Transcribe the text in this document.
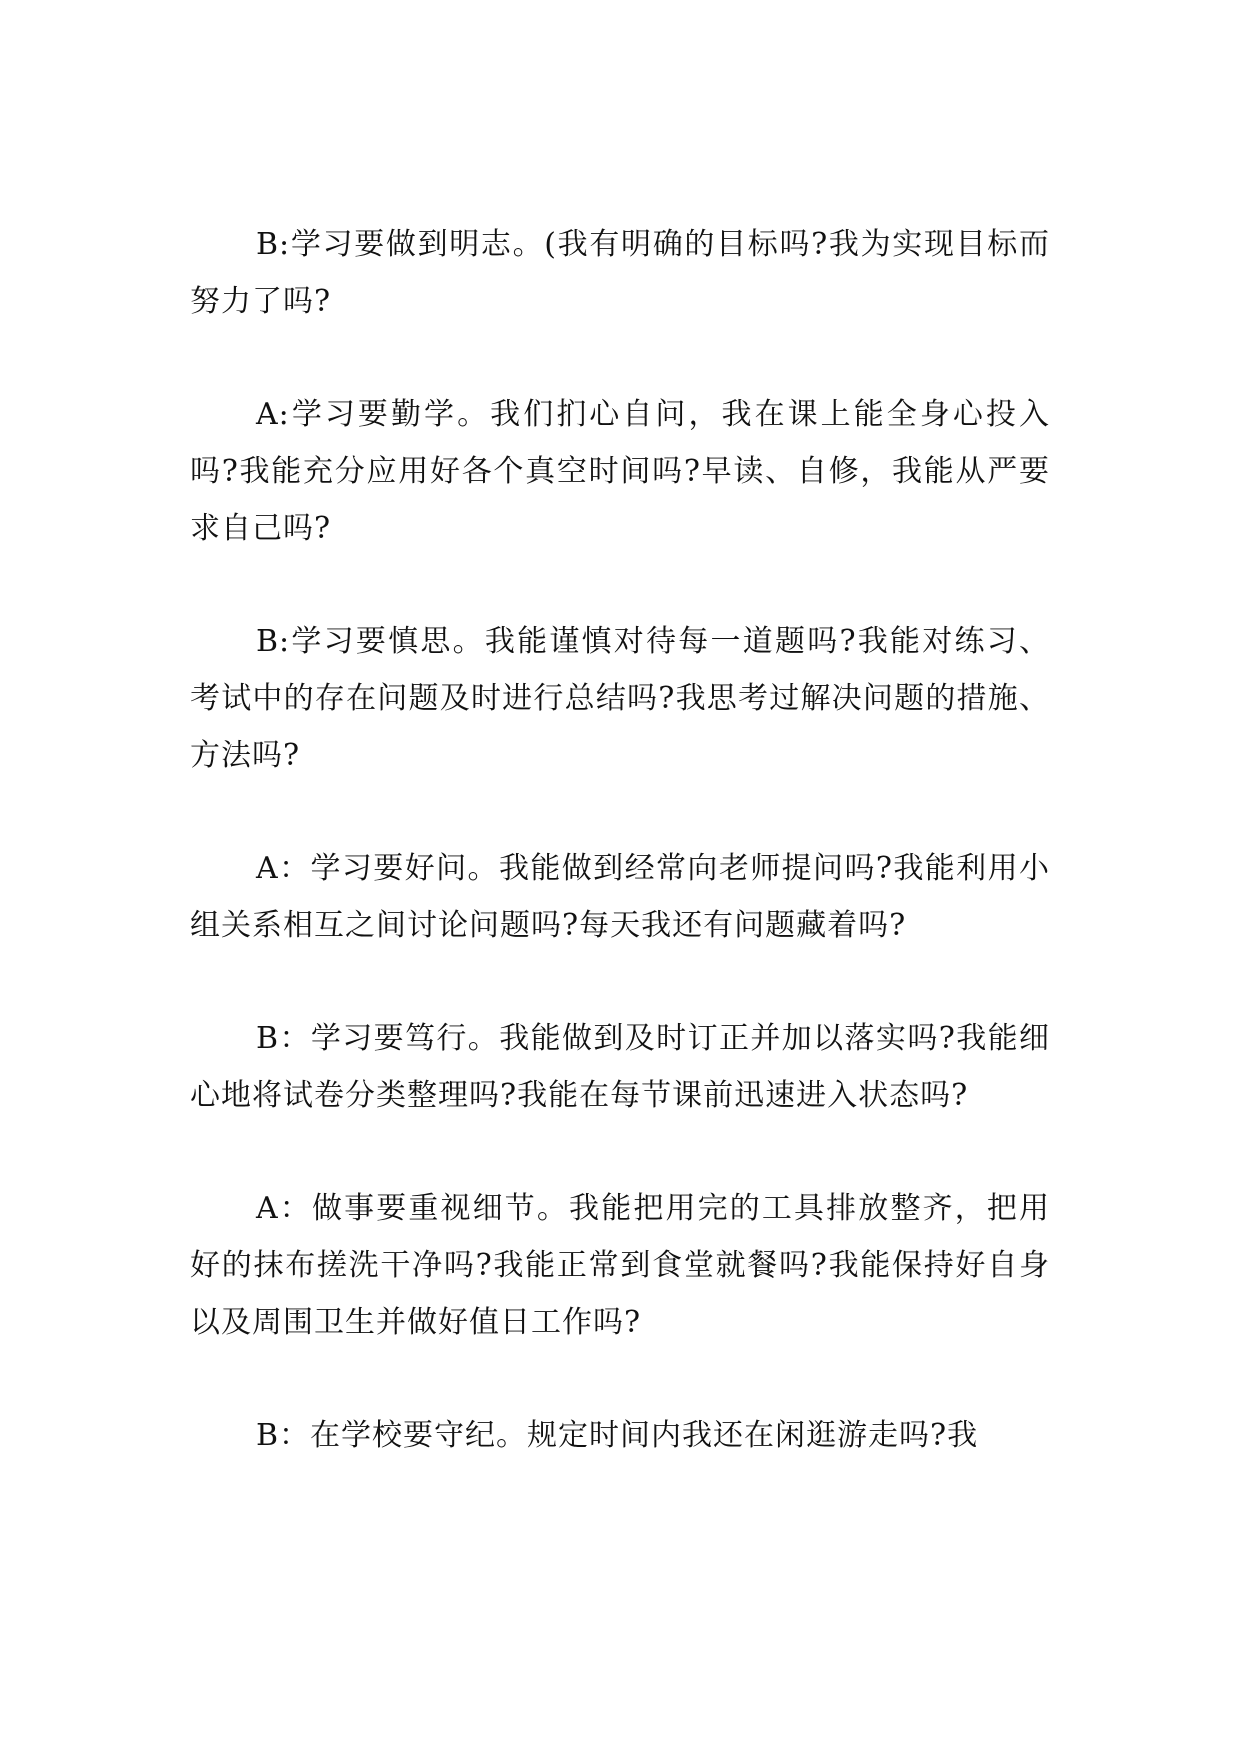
B:学习要做到明志。(我有明确的目标吗?我为实现目标而努力了吗?

A:学习要勤学。我们扪心自问，我在课上能全身心投入吗?我能充分应用好各个真空时间吗?早读、自修，我能从严要求自己吗?

B:学习要慎思。我能谨慎对待每一道题吗?我能对练习、考试中的存在问题及时进行总结吗?我思考过解决问题的措施、方法吗?

A：学习要好问。我能做到经常向老师提问吗?我能利用小组关系相互之间讨论问题吗?每天我还有问题藏着吗?

B：学习要笃行。我能做到及时订正并加以落实吗?我能细心地将试卷分类整理吗?我能在每节课前迅速进入状态吗?

A：做事要重视细节。我能把用完的工具排放整齐，把用好的抹布搓洗干净吗?我能正常到食堂就餐吗?我能保持好自身以及周围卫生并做好值日工作吗?

B：在学校要守纪。规定时间内我还在闲逛游走吗?我
